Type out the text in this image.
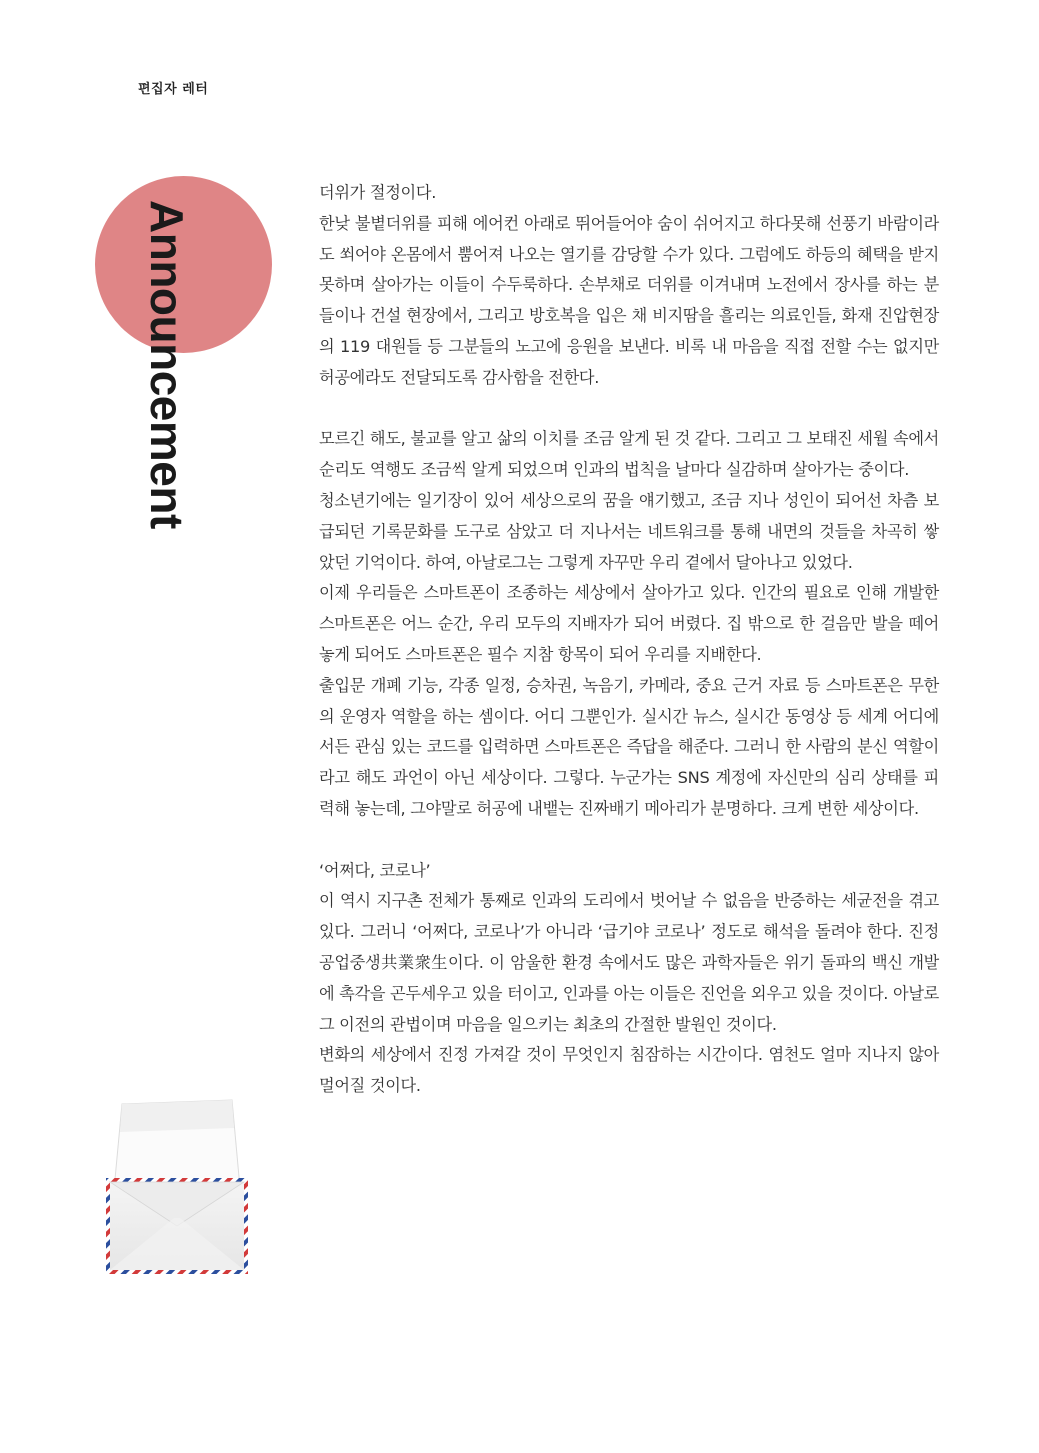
편집자 레터
Announcement

더위가 절정이다.

한낮 불볕더위를 피해 에어컨 아래로 뛰어들어야 숨이 쉬어지고 하다못해 선풍기 바람이라도 쐬어야 온몸에서 뿜어져 나오는 열기를 감당할 수가 있다. 그럼에도 하등의 혜택을 받지 못하며 살아가는 이들이 수두룩하다. 손부채로 더위를 이겨내며 노전에서 장사를 하는 분들이나 건설 현장에서, 그리고 방호복을 입은 채 비지땀을 흘리는 의료인들, 화재 진압현장의 119 대원들 등 그분들의 노고에 응원을 보낸다. 비록 내 마음을 직접 전할 수는 없지만 허공에라도 전달되도록 감사함을 전한다.

모르긴 해도, 불교를 알고 삶의 이치를 조금 알게 된 것 같다. 그리고 그 보태진 세월 속에서 순리도 역행도 조금씩 알게 되었으며 인과의 법칙을 날마다 실감하며 살아가는 중이다.

청소년기에는 일기장이 있어 세상으로의 꿈을 얘기했고, 조금 지나 성인이 되어선 차츰 보급되던 기록문화를 도구로 삼았고 더 지나서는 네트워크를 통해 내면의 것들을 차곡히 쌓았던 기억이다. 하여, 아날로그는 그렇게 자꾸만 우리 곁에서 달아나고 있었다.

이제 우리들은 스마트폰이 조종하는 세상에서 살아가고 있다. 인간의 필요로 인해 개발한 스마트폰은 어느 순간, 우리 모두의 지배자가 되어 버렸다. 집 밖으로 한 걸음만 발을 떼어놓게 되어도 스마트폰은 필수 지참 항목이 되어 우리를 지배한다.

출입문 개폐 기능, 각종 일정, 승차권, 녹음기, 카메라, 중요 근거 자료 등 스마트폰은 무한의 운영자 역할을 하는 셈이다. 어디 그뿐인가. 실시간 뉴스, 실시간 동영상 등 세계 어디에서든 관심 있는 코드를 입력하면 스마트폰은 즉답을 해준다. 그러니 한 사람의 분신 역할이라고 해도 과언이 아닌 세상이다. 그렇다. 누군가는 SNS 계정에 자신만의 심리 상태를 피력해 놓는데, 그야말로 허공에 내뱉는 진짜배기 메아리가 분명하다. 크게 변한 세상이다.

‘어쩌다, 코로나’

이 역시 지구촌 전체가 통째로 인과의 도리에서 벗어날 수 없음을 반증하는 세균전을 겪고 있다. 그러니 ‘어쩌다, 코로나’가 아니라 ‘급기야 코로나’ 정도로 해석을 돌려야 한다. 진정 공업중생共業衆生이다. 이 암울한 환경 속에서도 많은 과학자들은 위기 돌파의 백신 개발에 촉각을 곤두세우고 있을 터이고, 인과를 아는 이들은 진언을 외우고 있을 것이다. 아날로그 이전의 관법이며 마음을 일으키는 최초의 간절한 발원인 것이다.

변화의 세상에서 진정 가져갈 것이 무엇인지 침잠하는 시간이다. 염천도 얼마 지나지 않아 멀어질 것이다.
